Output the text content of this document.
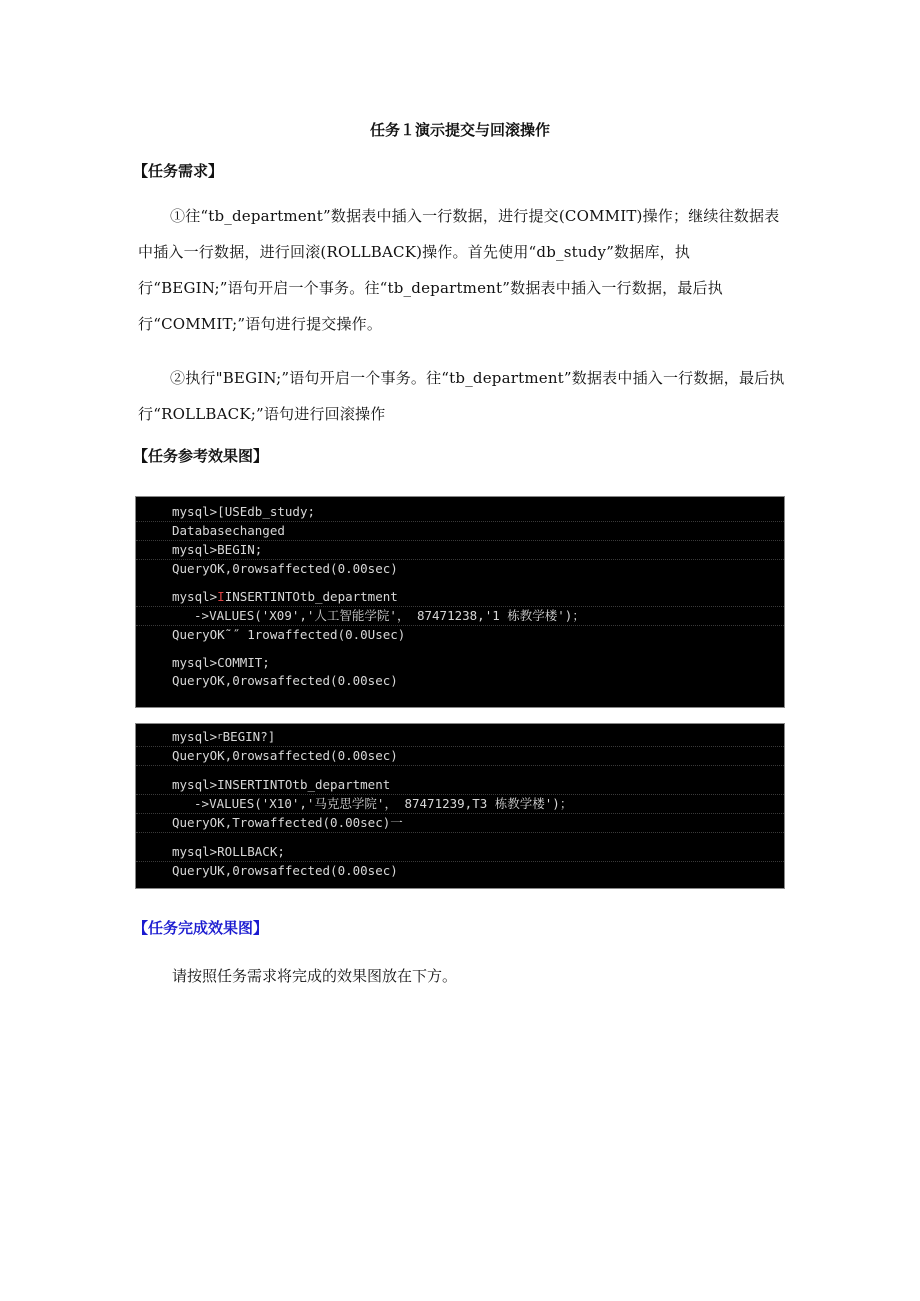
任务１演示提交与回滚操作
【任务需求】
①往“tb_department”数据表中插入一行数据，进行提交(COMMIT)操作；继续往数据表中插入一行数据，进行回滚(ROLLBACK)操作。首先使用“db_study”数据库，执行“BEGIN;”语句开启一个事务。往“tb_department”数据表中插入一行数据，最后执行“COMMIT;”语句进行提交操作。
②执行"BEGIN;”语句开启一个事务。往“tb_department”数据表中插入一行数据，最后执行“ROLLBACK;”语句进行回滚操作
【任务参考效果图】
mysql>[USEdb_study;
Databasechanged
mysql>BEGIN;
QueryOK,0rowsaffected(0.00sec)
mysql>IINSERTINTOtb_department
->VALUES('X09','人工智能学院'， 87471238,'1 栋教学楼')；
QueryOK˜˝ 1rowaffected(0.0Usec)
mysql>COMMIT;
QueryOK,0rowsaffected(0.00sec)
mysql>$^r$BEGIN?]
QueryOK,0rowsaffected(0.00sec)
mysql>INSERTINTOtb_department
->VALUES('X10','马克思学院'， 87471239,T3 栋教学楼')；
QueryOK,Trowaffected(0.00sec)一
mysql>ROLLBACK;
QueryUK,0rowsaffected(0.00sec)
【任务完成效果图】
请按照任务需求将完成的效果图放在下方。
